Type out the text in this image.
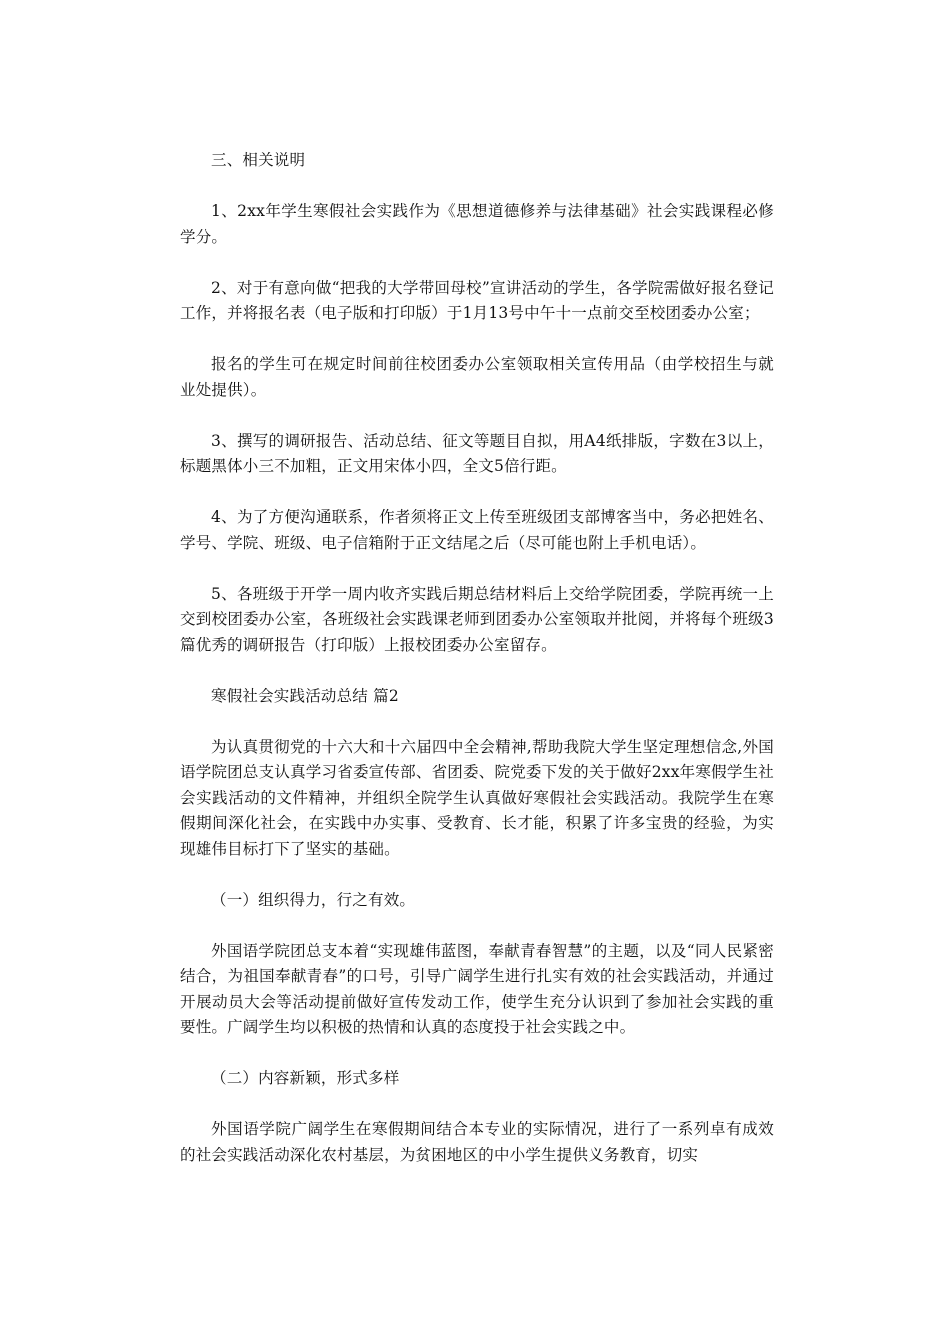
三、相关说明

1、2xx年学生寒假社会实践作为《思想道德修养与法律基础》社会实践课程必修学分。

2、对于有意向做“把我的大学带回母校”宣讲活动的学生，各学院需做好报名登记工作，并将报名表（电子版和打印版）于1月13号中午十一点前交至校团委办公室；

报名的学生可在规定时间前往校团委办公室领取相关宣传用品（由学校招生与就业处提供）。

3、撰写的调研报告、活动总结、征文等题目自拟，用A4纸排版，字数在3以上，标题黑体小三不加粗，正文用宋体小四，全文5倍行距。

4、为了方便沟通联系，作者须将正文上传至班级团支部博客当中，务必把姓名、学号、学院、班级、电子信箱附于正文结尾之后（尽可能也附上手机电话）。

5、各班级于开学一周内收齐实践后期总结材料后上交给学院团委，学院再统一上交到校团委办公室，各班级社会实践课老师到团委办公室领取并批阅，并将每个班级3篇优秀的调研报告（打印版）上报校团委办公室留存。

寒假社会实践活动总结 篇2

为认真贯彻党的十六大和十六届四中全会精神,帮助我院大学生坚定理想信念,外国语学院团总支认真学习省委宣传部、省团委、院党委下发的关于做好2xx年寒假学生社会实践活动的文件精神，并组织全院学生认真做好寒假社会实践活动。我院学生在寒假期间深化社会，在实践中办实事、受教育、长才能，积累了许多宝贵的经验，为实现雄伟目标打下了坚实的基础。

（一）组织得力，行之有效。

外国语学院团总支本着“实现雄伟蓝图，奉献青春智慧”的主题，以及“同人民紧密结合，为祖国奉献青春”的口号，引导广阔学生进行扎实有效的社会实践活动，并通过开展动员大会等活动提前做好宣传发动工作，使学生充分认识到了参加社会实践的重要性。广阔学生均以积极的热情和认真的态度投于社会实践之中。

（二）内容新颖，形式多样

外国语学院广阔学生在寒假期间结合本专业的实际情况，进行了一系列卓有成效的社会实践活动深化农村基层，为贫困地区的中小学生提供义务教育，切实
